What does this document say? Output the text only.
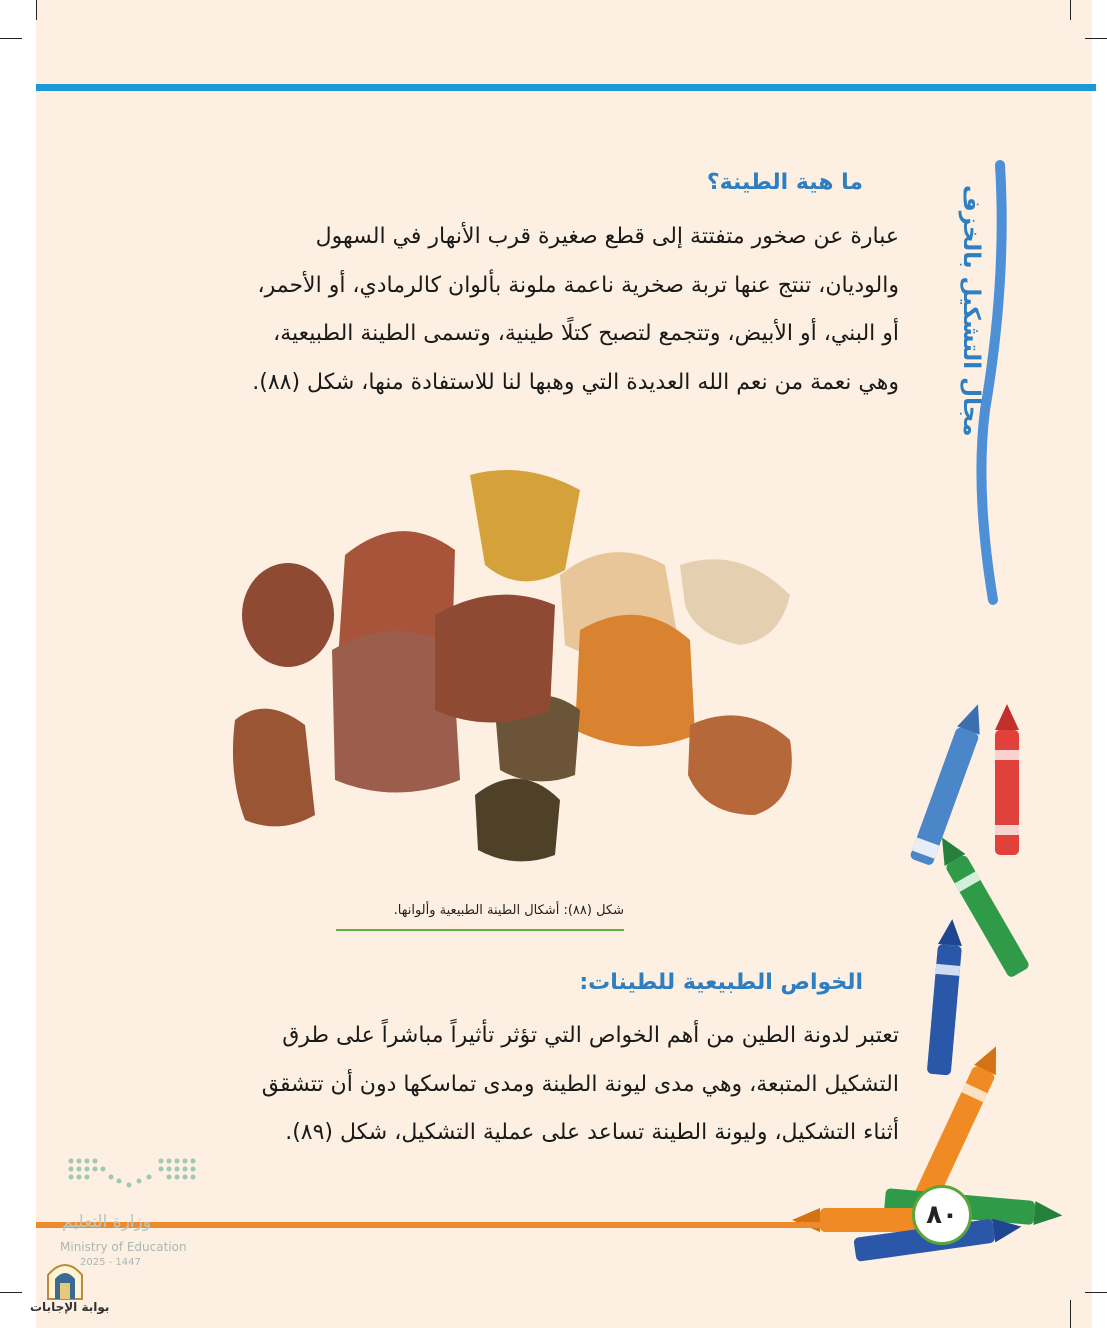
ما هية الطينة؟
عبارة عن صخور متفتتة إلى قطع صغيرة قرب الأنهار في السهول
والوديان، تنتج عنها تربة صخرية ناعمة ملونة بألوان كالرمادي، أو الأحمر،
أو البني، أو الأبيض، وتتجمع لتصبح كتلًا طينية، وتسمى الطينة الطبيعية،
وهي نعمة من نعم الله العديدة التي وهبها لنا للاستفادة منها، شكل (٨٨).
شكل (٨٨): أشكال الطينة الطبيعية وألوانها.
الخواص الطبيعية للطينات:
تعتبر لدونة الطين من أهم الخواص التي تؤثر تأثيراً مباشراً على طرق
التشكيل المتبعة، وهي مدى ليونة الطينة ومدى تماسكها دون أن تتشقق
أثناء التشكيل، وليونة الطينة تساعد على عملية التشكيل، شكل (٨٩).
مجال التشكيل بالخزف
٨٠
وزارة التعليم
Ministry of Education
2025 - 1447
بوابة الإجابات
